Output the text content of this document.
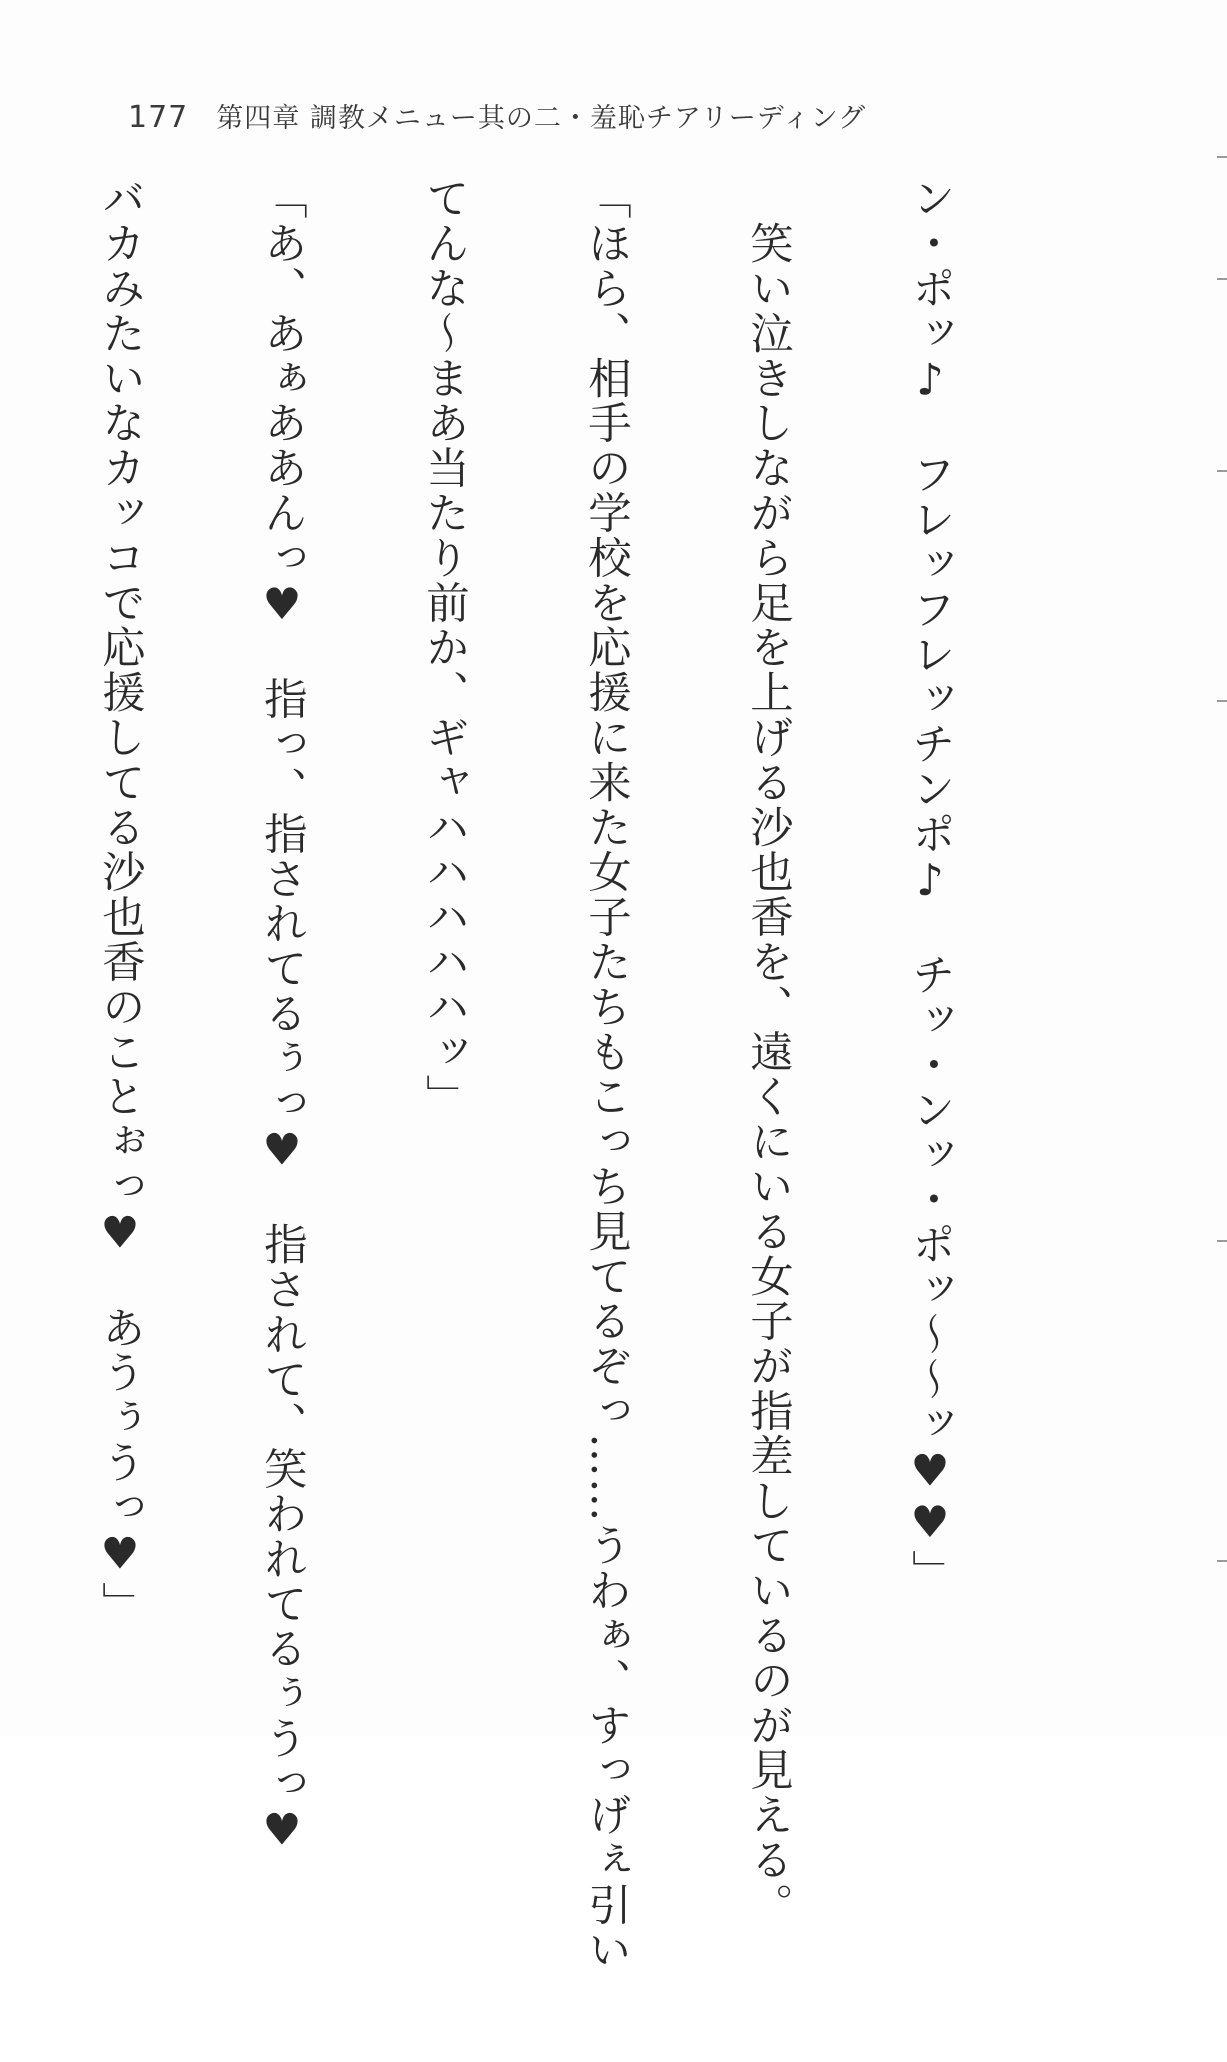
177 第四章 調教メニュー其の二・羞恥チアリーディング

ン・ポッ♪　フレッフレッチンポ♪　チッ・ンッ・ポッ〜〜ッ♥♥」

　笑い泣きしながら足を上げる沙也香を、遠くにいる女子が指差しているのが見える。

「ほら、相手の学校を応援に来た女子たちもこっち見てるぞっ……うわぁ、すっげぇ引い

てんな〜まあ当たり前か、ギャハハハハハッ」

「あ、あぁああんっ♥　指っ、指されてるぅっ♥　指されて、笑われてるぅうっ♥

バカみたいなカッコで応援してる沙也香のことぉっ♥　あうぅうっ♥」
